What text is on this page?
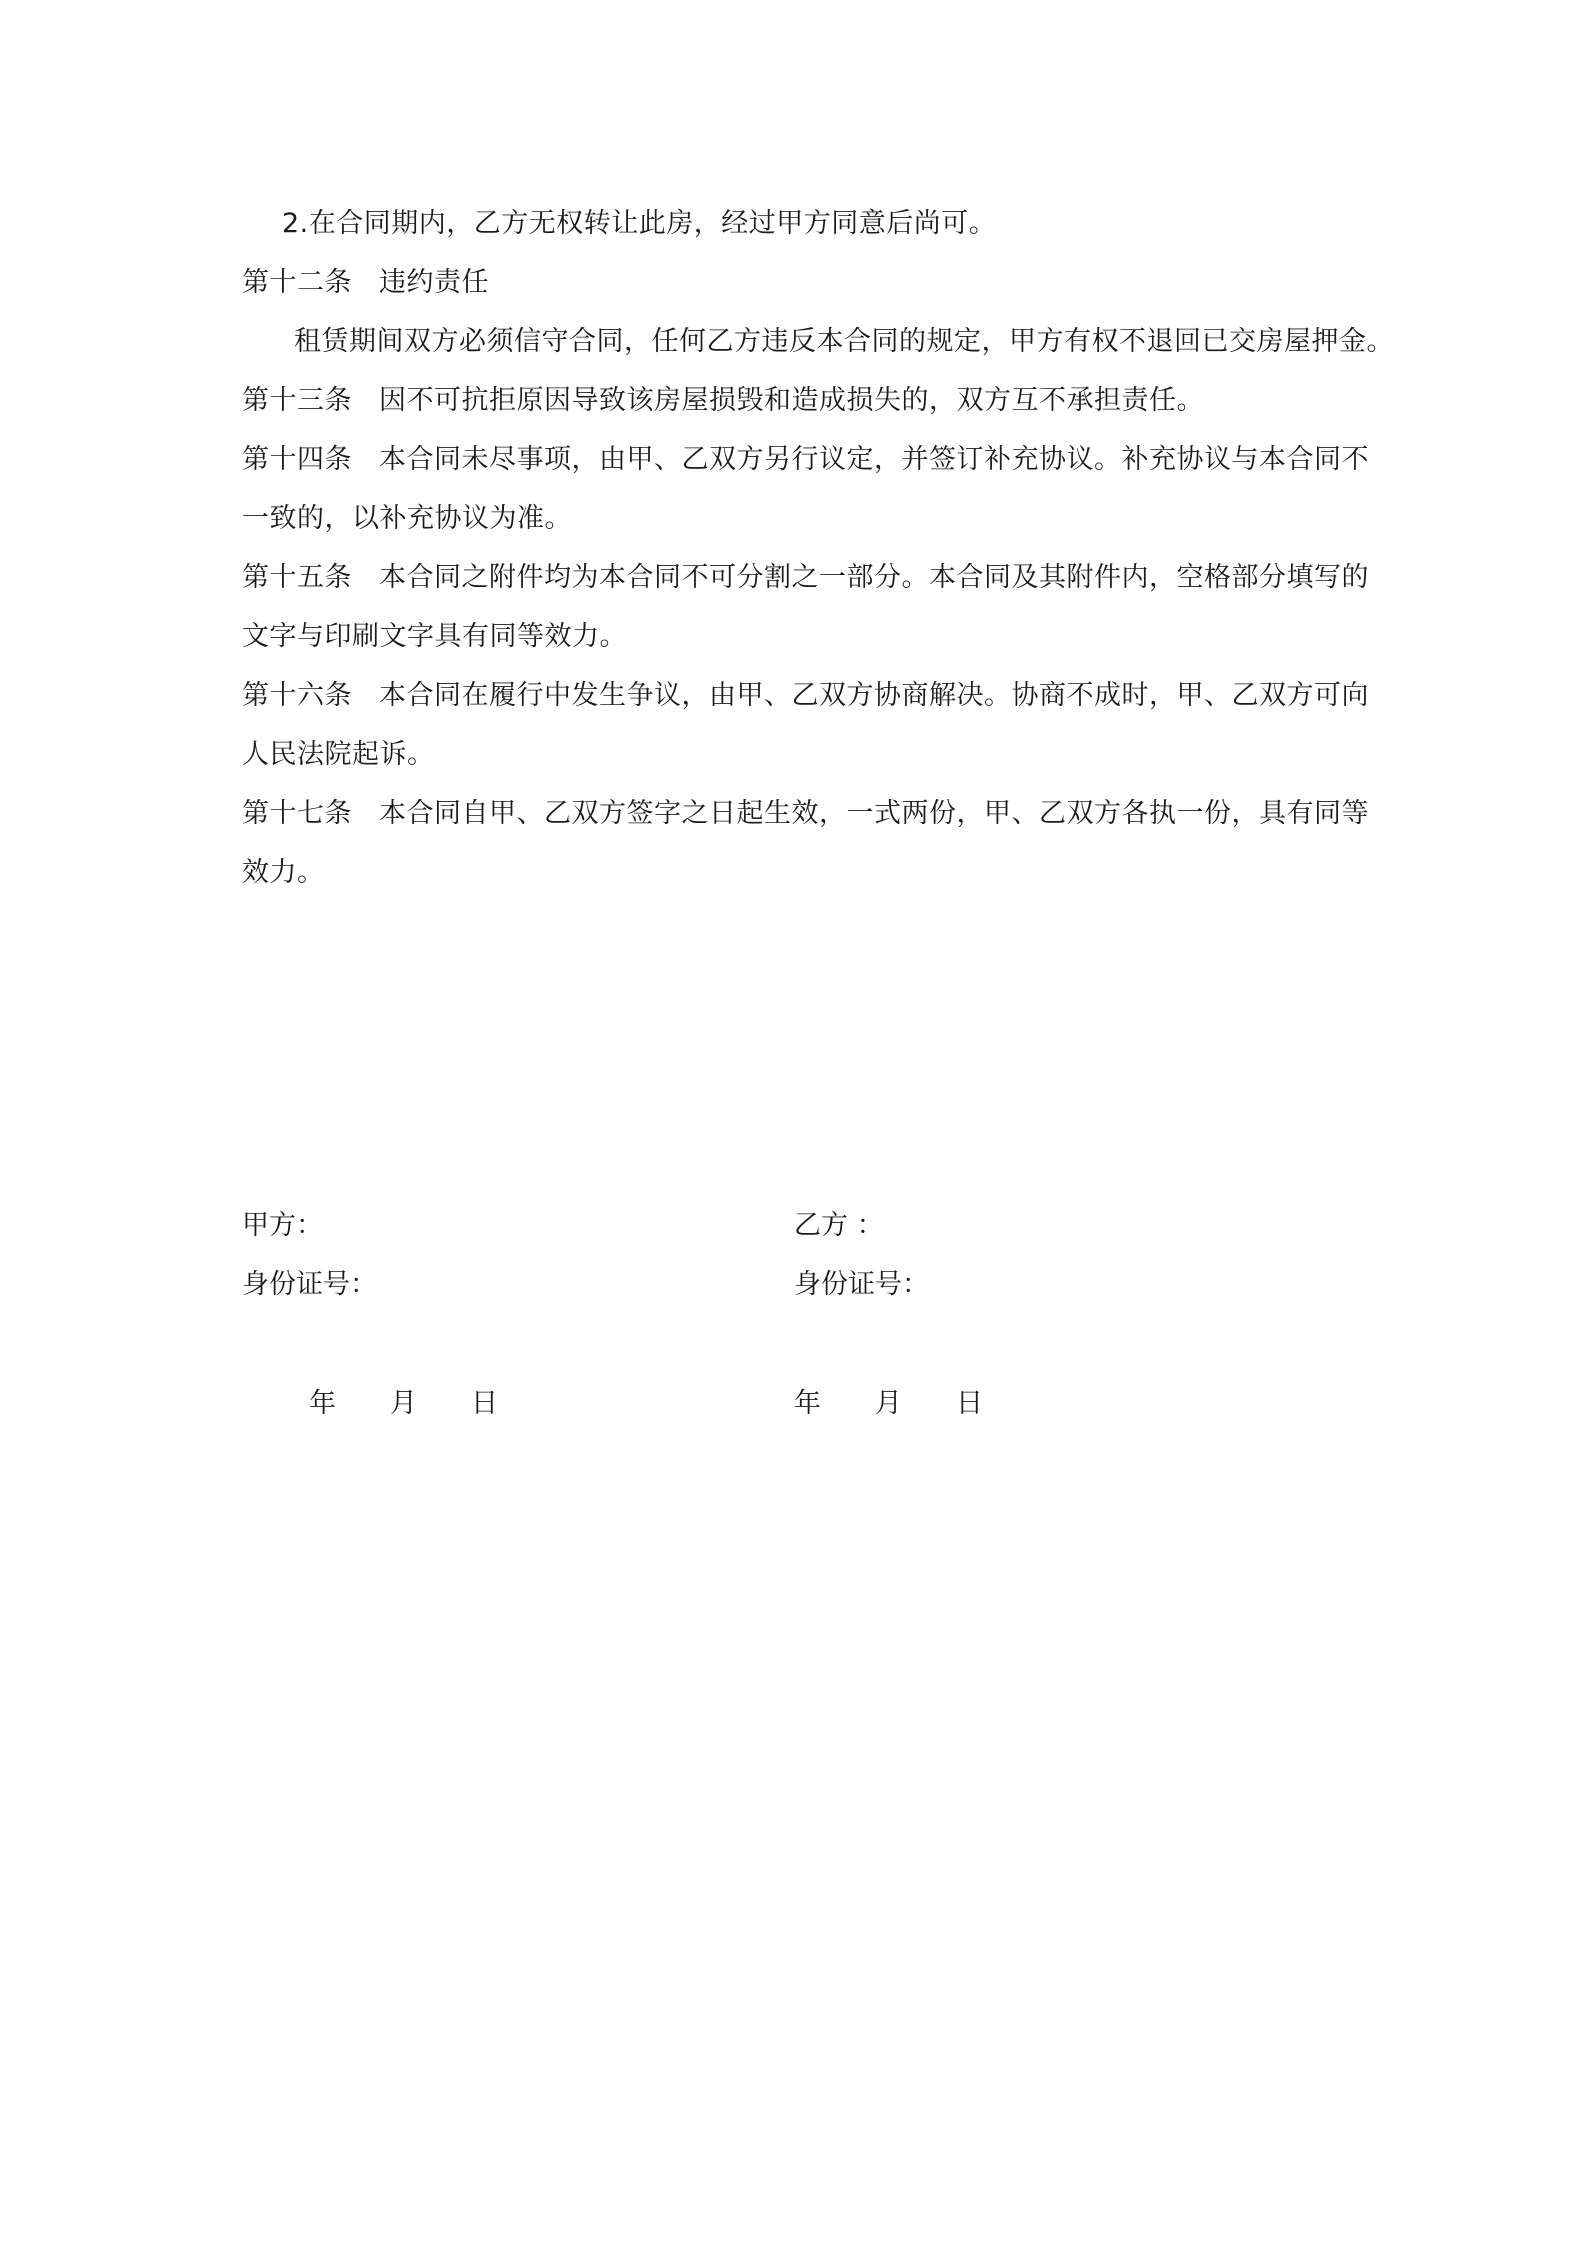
2.在合同期内，乙方无权转让此房，经过甲方同意后尚可。
第十二条 违约责任
租赁期间双方必须信守合同，任何乙方违反本合同的规定，甲方有权不退回已交房屋押金。
第十三条 因不可抗拒原因导致该房屋损毁和造成损失的，双方互不承担责任。
第十四条 本合同未尽事项，由甲、乙双方另行议定，并签订补充协议。补充协议与本合同不
一致的，以补充协议为准。
第十五条 本合同之附件均为本合同不可分割之一部分。本合同及其附件内，空格部分填写的
文字与印刷文字具有同等效力。
第十六条 本合同在履行中发生争议，由甲、乙双方协商解决。协商不成时，甲、乙双方可向
人民法院起诉。
第十七条 本合同自甲、乙双方签字之日起生效，一式两份，甲、乙双方各执一份，具有同等
效力。
甲方：
身份证号：
乙方 ：
身份证号：
年 月 日	年 月 日
